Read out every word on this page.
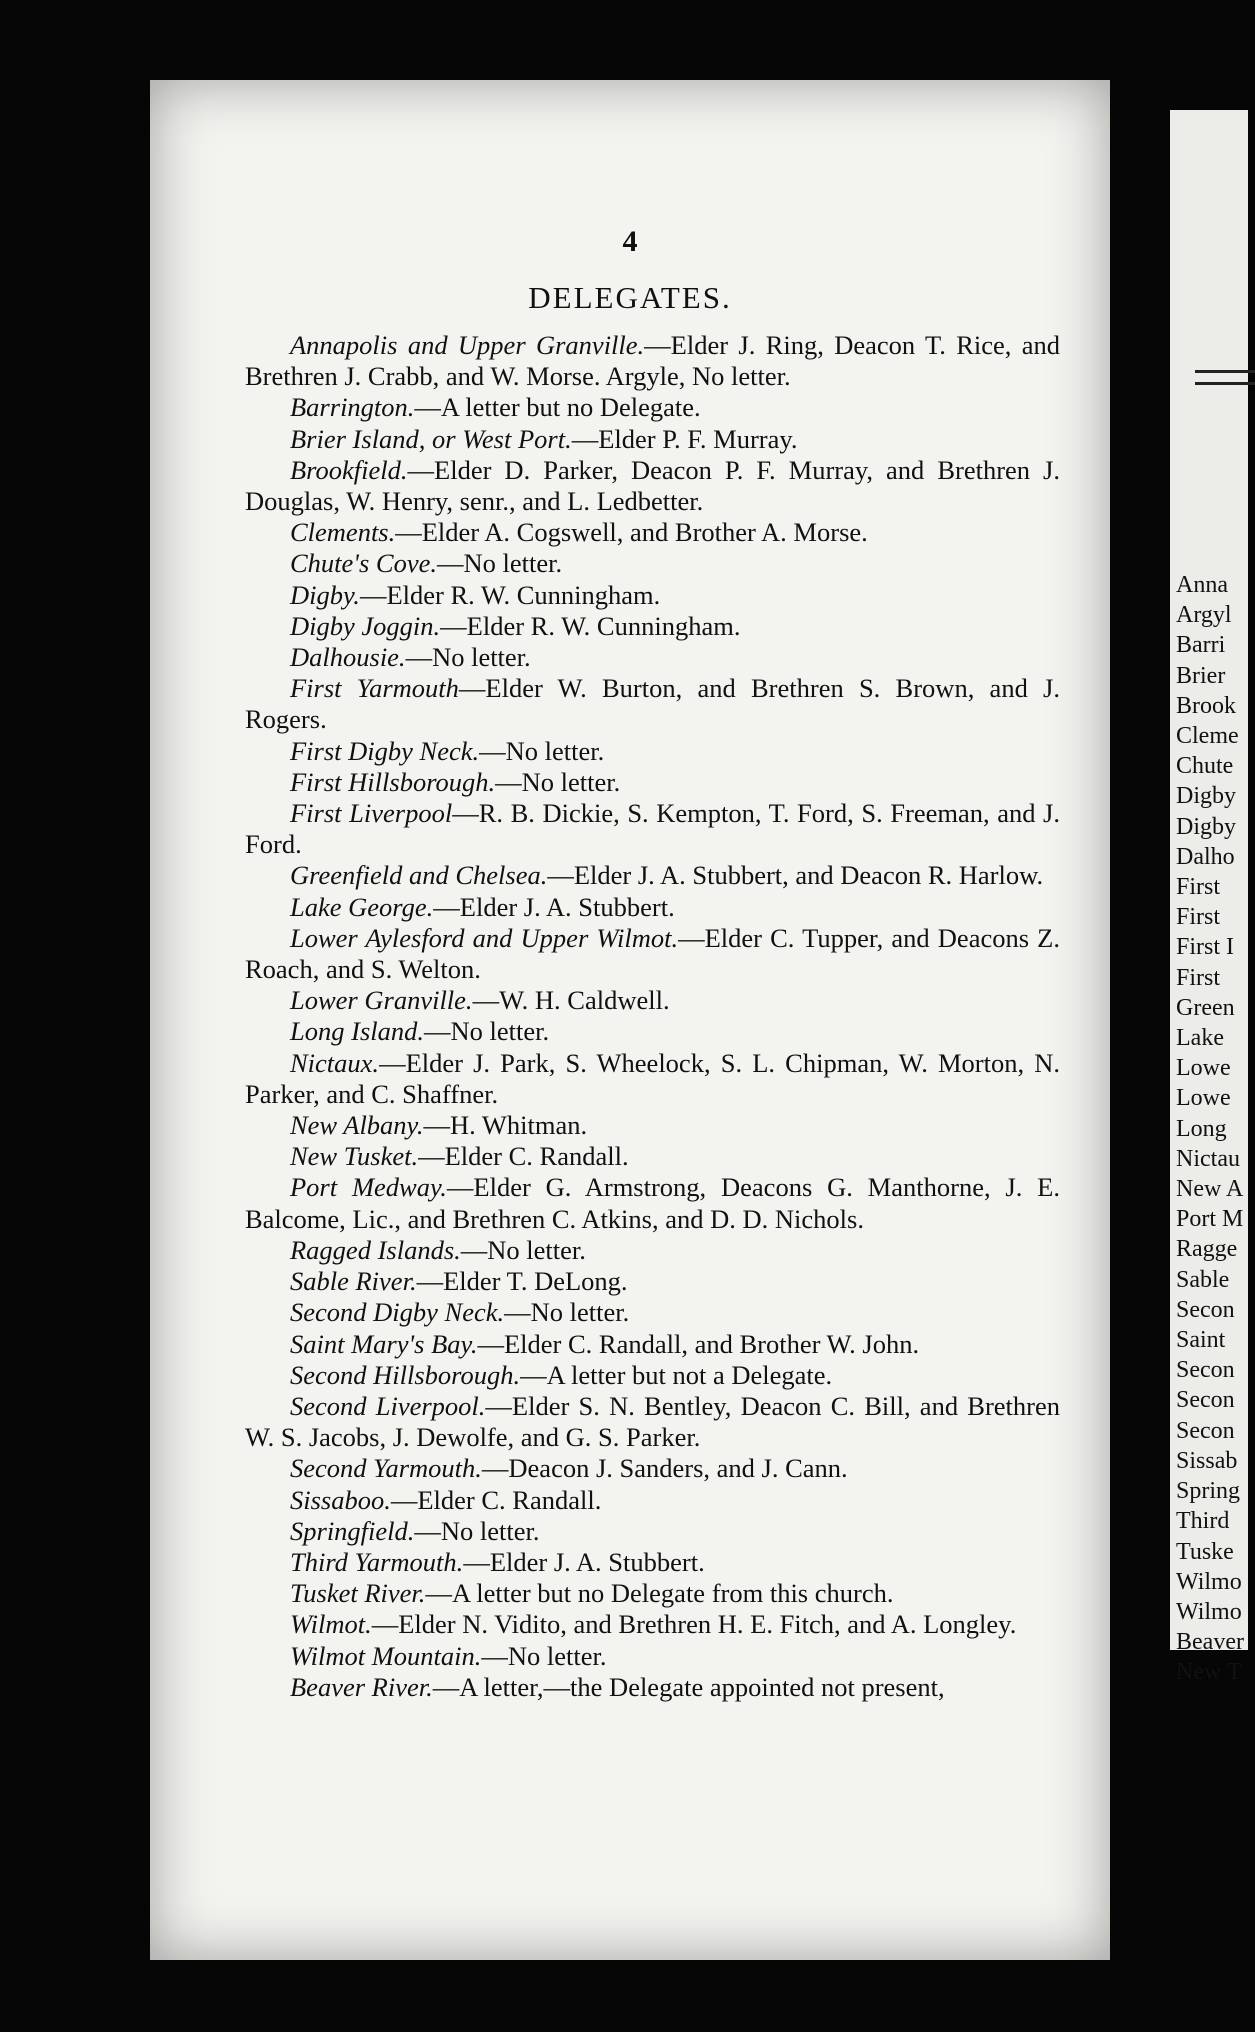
4
DELEGATES.

Annapolis and Upper Granville.—Elder J. Ring, Deacon T. Rice, and Brethren J. Crabb, and W. Morse. Argyle, No letter.

Barrington.—A letter but no Delegate.

Brier Island, or West Port.—Elder P. F. Murray.

Brookfield.—Elder D. Parker, Deacon P. F. Murray, and Brethren J. Douglas, W. Henry, senr., and L. Ledbetter.

Clements.—Elder A. Cogswell, and Brother A. Morse.

Chute's Cove.—No letter.

Digby.—Elder R. W. Cunningham.

Digby Joggin.—Elder R. W. Cunningham.

Dalhousie.—No letter.

First Yarmouth—Elder W. Burton, and Brethren S. Brown, and J. Rogers.

First Digby Neck.—No letter.

First Hillsborough.—No letter.

First Liverpool—R. B. Dickie, S. Kempton, T. Ford, S. Freeman, and J. Ford.

Greenfield and Chelsea.—Elder J. A. Stubbert, and Deacon R. Harlow.

Lake George.—Elder J. A. Stubbert.

Lower Aylesford and Upper Wilmot.—Elder C. Tupper, and Deacons Z. Roach, and S. Welton.

Lower Granville.—W. H. Caldwell.

Long Island.—No letter.

Nictaux.—Elder J. Park, S. Wheelock, S. L. Chipman, W. Morton, N. Parker, and C. Shaffner.

New Albany.—H. Whitman.

New Tusket.—Elder C. Randall.

Port Medway.—Elder G. Armstrong, Deacons G. Manthorne, J. E. Balcome, Lic., and Brethren C. Atkins, and D. D. Nichols.

Ragged Islands.—No letter.

Sable River.—Elder T. DeLong.

Second Digby Neck.—No letter.

Saint Mary's Bay.—Elder C. Randall, and Brother W. John.

Second Hillsborough.—A letter but not a Delegate.

Second Liverpool.—Elder S. N. Bentley, Deacon C. Bill, and Brethren W. S. Jacobs, J. Dewolfe, and G. S. Parker.

Second Yarmouth.—Deacon J. Sanders, and J. Cann.

Sissaboo.—Elder C. Randall.

Springfield.—No letter.

Third Yarmouth.—Elder J. A. Stubbert.

Tusket River.—A letter but no Delegate from this church.

Wilmot.—Elder N. Vidito, and Brethren H. E. Fitch, and A. Longley.

Wilmot Mountain.—No letter.

Beaver River.—A letter,—the Delegate appointed not present,

Anna
Argyl
Barri
Brier
Brook
Cleme
Chute
Digby
Digby
Dalho
First
First
First I
First
Green
Lake
Lowe
Lowe
Long
Nictau
New A
Port M
Ragge
Sable
Secon
Saint
Secon
Secon
Secon
Sissab
Spring
Third
Tuske
Wilmo
Wilmo
Beaver
New T
